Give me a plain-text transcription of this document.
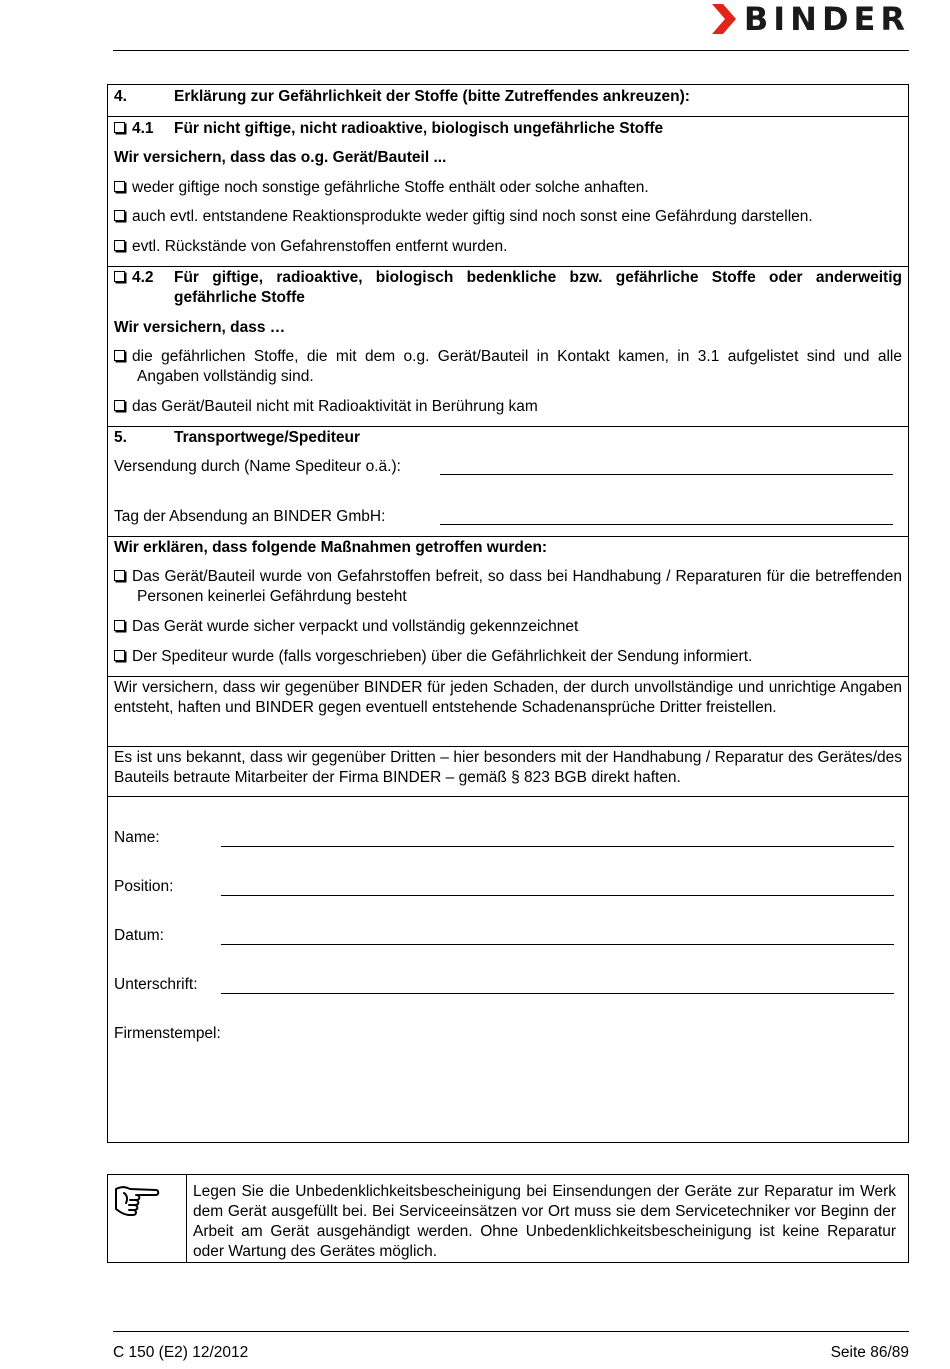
BINDER
4.	Erklärung zur Gefährlichkeit der Stoffe (bitte Zutreffendes ankreuzen):
4.1 Für nicht giftige, nicht radioaktive, biologisch ungefährliche Stoffe
Wir versichern, dass das o.g. Gerät/Bauteil ...
weder giftige noch sonstige gefährliche Stoffe enthält oder solche anhaften.
auch evtl. entstandene Reaktionsprodukte weder giftig sind noch sonst eine Gefährdung darstellen.
evtl. Rückstände von Gefahrenstoffen entfernt wurden.
4.2 Für giftige, radioaktive, biologisch bedenkliche bzw. gefährliche Stoffe oder anderweitig gefährliche Stoffe
Wir versichern, dass …
die gefährlichen Stoffe, die mit dem o.g. Gerät/Bauteil in Kontakt kamen, in 3.1 aufgelistet sind und alle Angaben vollständig sind.
das Gerät/Bauteil nicht mit Radioaktivität in Berührung kam
5.	Transportwege/Spediteur
Versendung durch (Name Spediteur o.ä.):
Tag der Absendung an BINDER GmbH:
Wir erklären, dass folgende Maßnahmen getroffen wurden:
Das Gerät/Bauteil wurde von Gefahrstoffen befreit, so dass bei Handhabung / Reparaturen für die betreffenden Personen keinerlei Gefährdung besteht
Das Gerät wurde sicher verpackt und vollständig gekennzeichnet
Der Spediteur wurde (falls vorgeschrieben) über die Gefährlichkeit der Sendung informiert.
Wir versichern, dass wir gegenüber BINDER für jeden Schaden, der durch unvollständige und unrichtige Angaben entsteht, haften und BINDER gegen eventuell entstehende Schadenansprüche Dritter freistellen.
Es ist uns bekannt, dass wir gegenüber Dritten – hier besonders mit der Handhabung / Reparatur des Gerätes/des Bauteils betraute Mitarbeiter der Firma BINDER – gemäß § 823 BGB direkt haften.
Name:
Position:
Datum:
Unterschrift:
Firmenstempel:
Legen Sie die Unbedenklichkeitsbescheinigung bei Einsendungen der Geräte zur Reparatur im Werk dem Gerät ausgefüllt bei. Bei Serviceeinsätzen vor Ort muss sie dem Servicetechniker vor Beginn der Arbeit am Gerät ausgehändigt werden. Ohne Unbedenklichkeitsbescheinigung ist keine Reparatur oder Wartung des Gerätes möglich.
C 150 (E2) 12/2012	Seite 86/89
